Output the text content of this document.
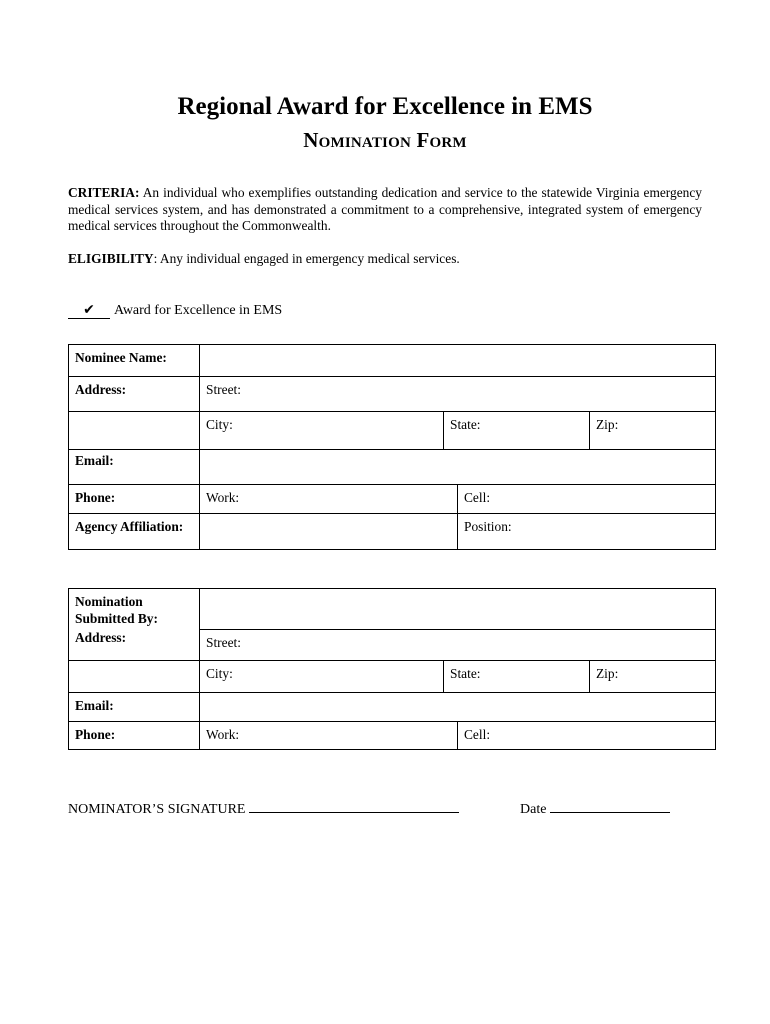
Regional Award for Excellence in EMS
Nomination Form
CRITERIA: An individual who exemplifies outstanding dedication and service to the statewide Virginia emergency medical services system, and has demonstrated a commitment to a comprehensive, integrated system of emergency medical services throughout the Commonwealth.
ELIGIBILITY: Any individual engaged in emergency medical services.
✔ Award for Excellence in EMS
Nominee Name:				
Address:	Street:			
	City:	State:		Zip:
Email:				
Phone:	Work:		Cell:	
Agency Affiliation:			Position:	
Nomination Submitted By:				
Address:	Street:			
	City:	State:		Zip:
Email:				
Phone:	Work:		Cell:	
NOMINATOR’S SIGNATURE	Date
